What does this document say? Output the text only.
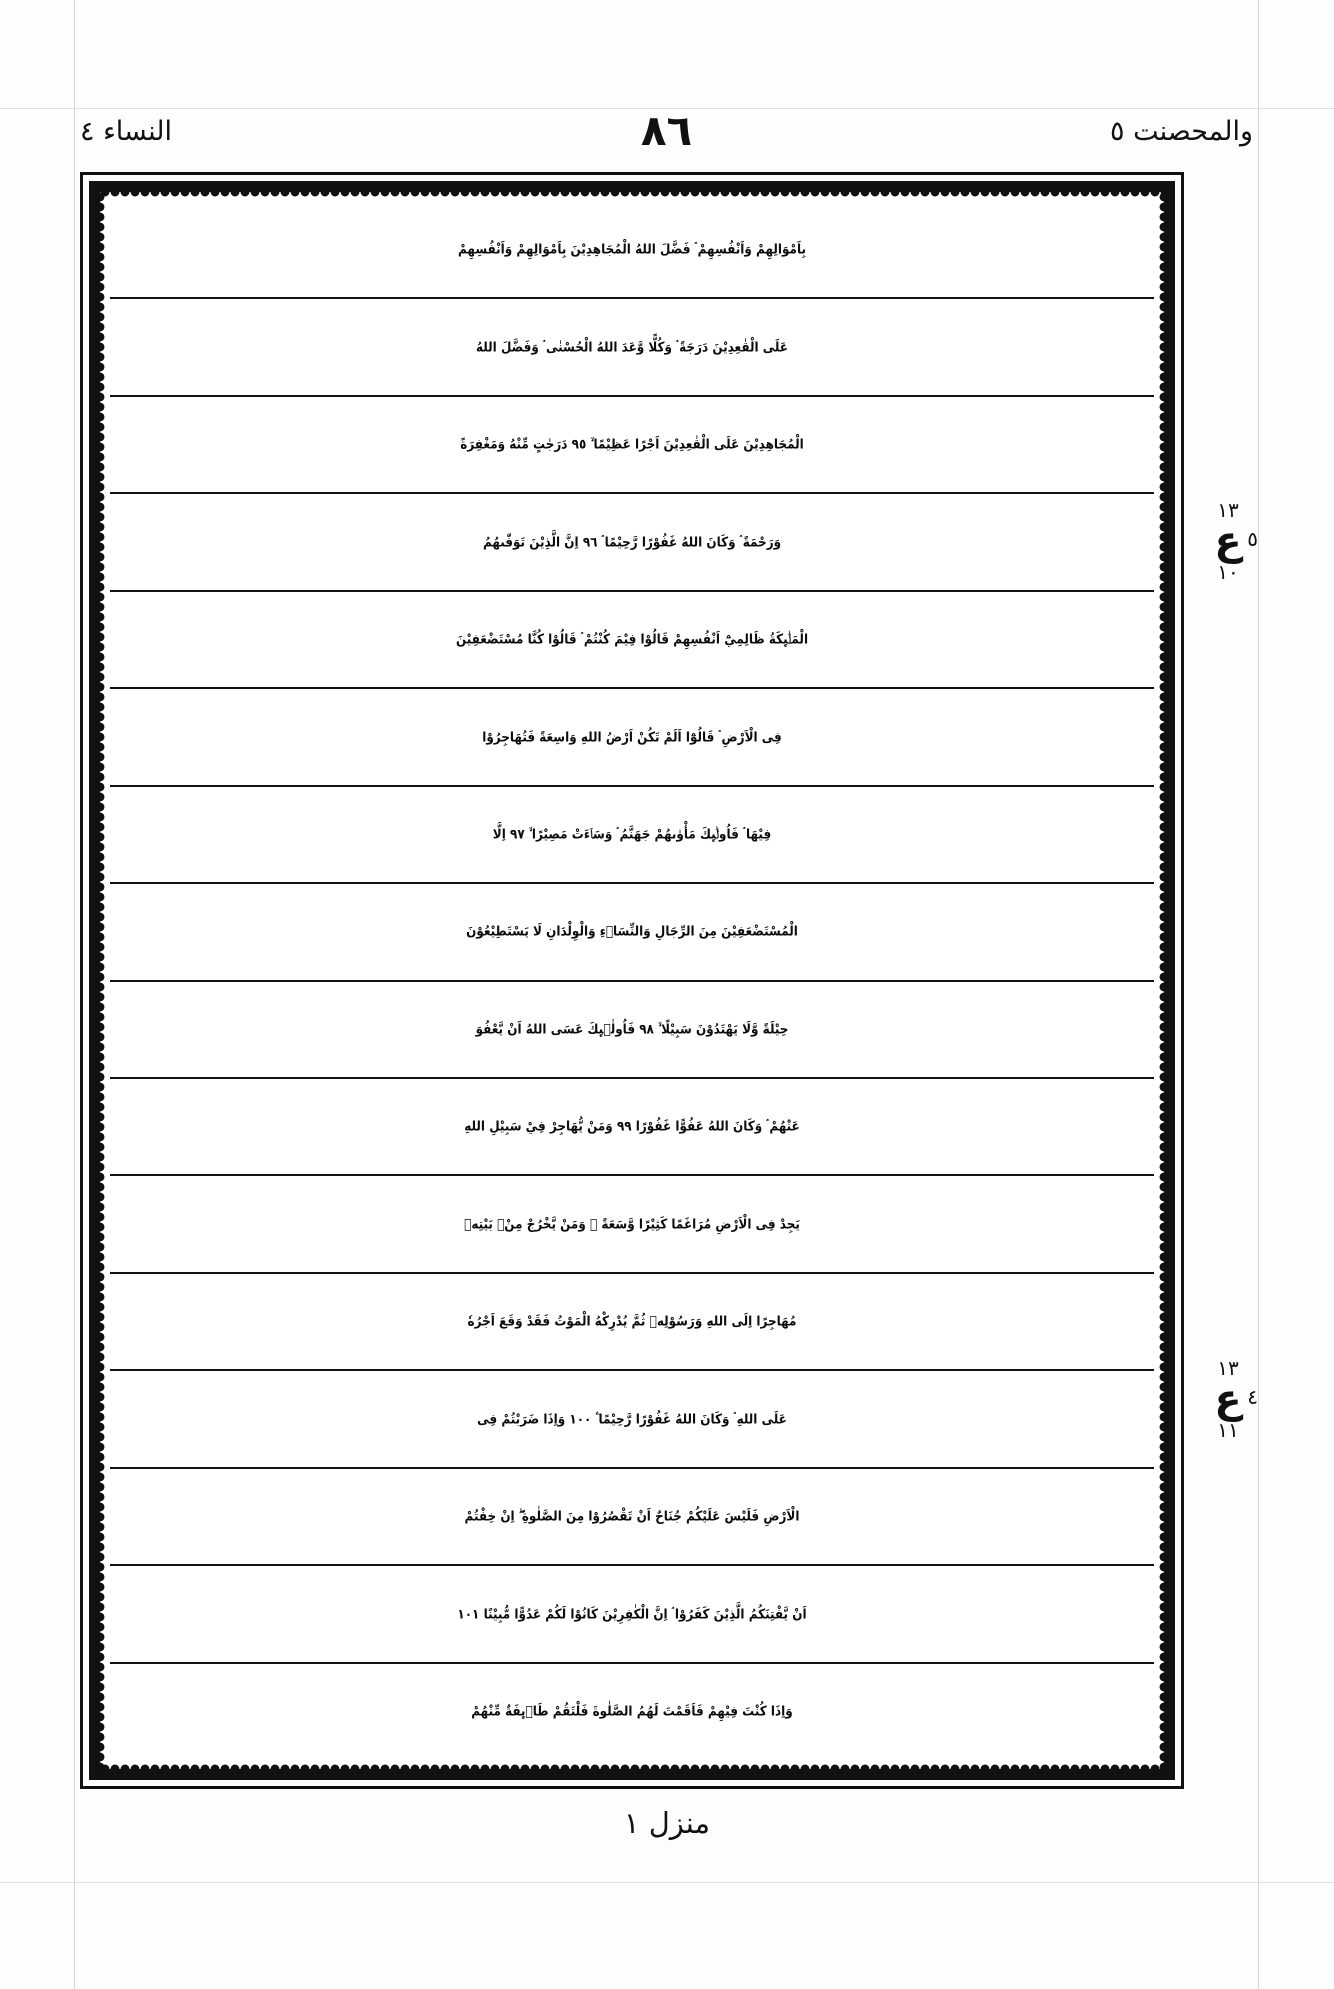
والمحصنت ٥
٨٦
النساء ٤
بِاَمْوَالِهِمْ وَاَنْفُسِهِمْ ۘ فَضَّلَ اللهُ الْمُجَاهِدِيْنَ بِاَمْوَالِهِمْ وَاَنْفُسِهِمْ
عَلَى الْقٰعِدِيْنَ دَرَجَةً ۘ وَكُلًّا وَّعَدَ اللهُ الْحُسْنٰى ۘ وَفَضَّلَ اللهُ
الْمُجَاهِدِيْنَ عَلَى الْقٰعِدِيْنَ اَجْرًا عَظِيْمًا ۙ ٩٥ دَرَجٰتٍ مِّنْهُ وَمَغْفِرَةً
وَرَحْمَةً ۘ وَكَانَ اللهُ غَفُوْرًا رَّحِيْمًا ۘ ٩٦ اِنَّ الَّذِيْنَ تَوَفّٰىهُمُ
الْمَلٰۤىِٕكَةُ ظَالِمِيْٓ اَنْفُسِهِمْ قَالُوْا فِيْمَ كُنْتُمْ ۘ قَالُوْا كُنَّا مُسْتَضْعَفِيْنَ
فِى الْاَرْضِ ۘ قَالُوْٓا اَلَمْ تَكُنْ اَرْضُ اللهِ وَاسِعَةً فَتُهَاجِرُوْا
فِيْهَا ۘ فَاُولٰۤىِٕكَ مَأْوٰىهُمْ جَهَنَّمُ ۘ وَسَاۤءَتْ مَصِيْرًا ۙ ٩٧ اِلَّا
الْمُسْتَضْعَفِيْنَ مِنَ الرِّجَالِ وَالنِّسَاۤءِ وَالْوِلْدَانِ لَا يَسْتَطِيْعُوْنَ
حِيْلَةً وَّلَا يَهْتَدُوْنَ سَبِيْلًا ۙ ٩٨ فَاُولٰۤىِٕكَ عَسَى اللهُ اَنْ يَّعْفُوَ
عَنْهُمْ ۘ وَكَانَ اللهُ عَفُوًّا غَفُوْرًا ٩٩ وَمَنْ يُّهَاجِرْ فِيْ سَبِيْلِ اللهِ
يَجِدْ فِى الْاَرْضِ مُرَاغَمًا كَثِيْرًا وَّسَعَةً ۘ وَمَنْ يَّخْرُجْ مِنْۢ بَيْتِهٖ
مُهَاجِرًا اِلَى اللهِ وَرَسُوْلِهٖ ثُمَّ يُدْرِكْهُ الْمَوْتُ فَقَدْ وَقَعَ اَجْرُهٗ
عَلَى اللهِ ۘ وَكَانَ اللهُ غَفُوْرًا رَّحِيْمًا ۧ ١٠٠ وَاِذَا ضَرَبْتُمْ فِى
الْاَرْضِ فَلَيْسَ عَلَيْكُمْ جُنَاحٌ اَنْ تَقْصُرُوْا مِنَ الصَّلٰوةِ ۖ اِنْ خِفْتُمْ
اَنْ يَّفْتِنَكُمُ الَّذِيْنَ كَفَرُوْا ۘ اِنَّ الْكٰفِرِيْنَ كَانُوْا لَكُمْ عَدُوًّا مُّبِيْنًا ١٠١
وَاِذَا كُنْتَ فِيْهِمْ فَاَقَمْتَ لَهُمُ الصَّلٰوةَ فَلْتَقُمْ طَاۤىِٕفَةٌ مِّنْهُمْ
١٣
ع ٥
١٠
١٣
ع ٤
١١
منزل ١
